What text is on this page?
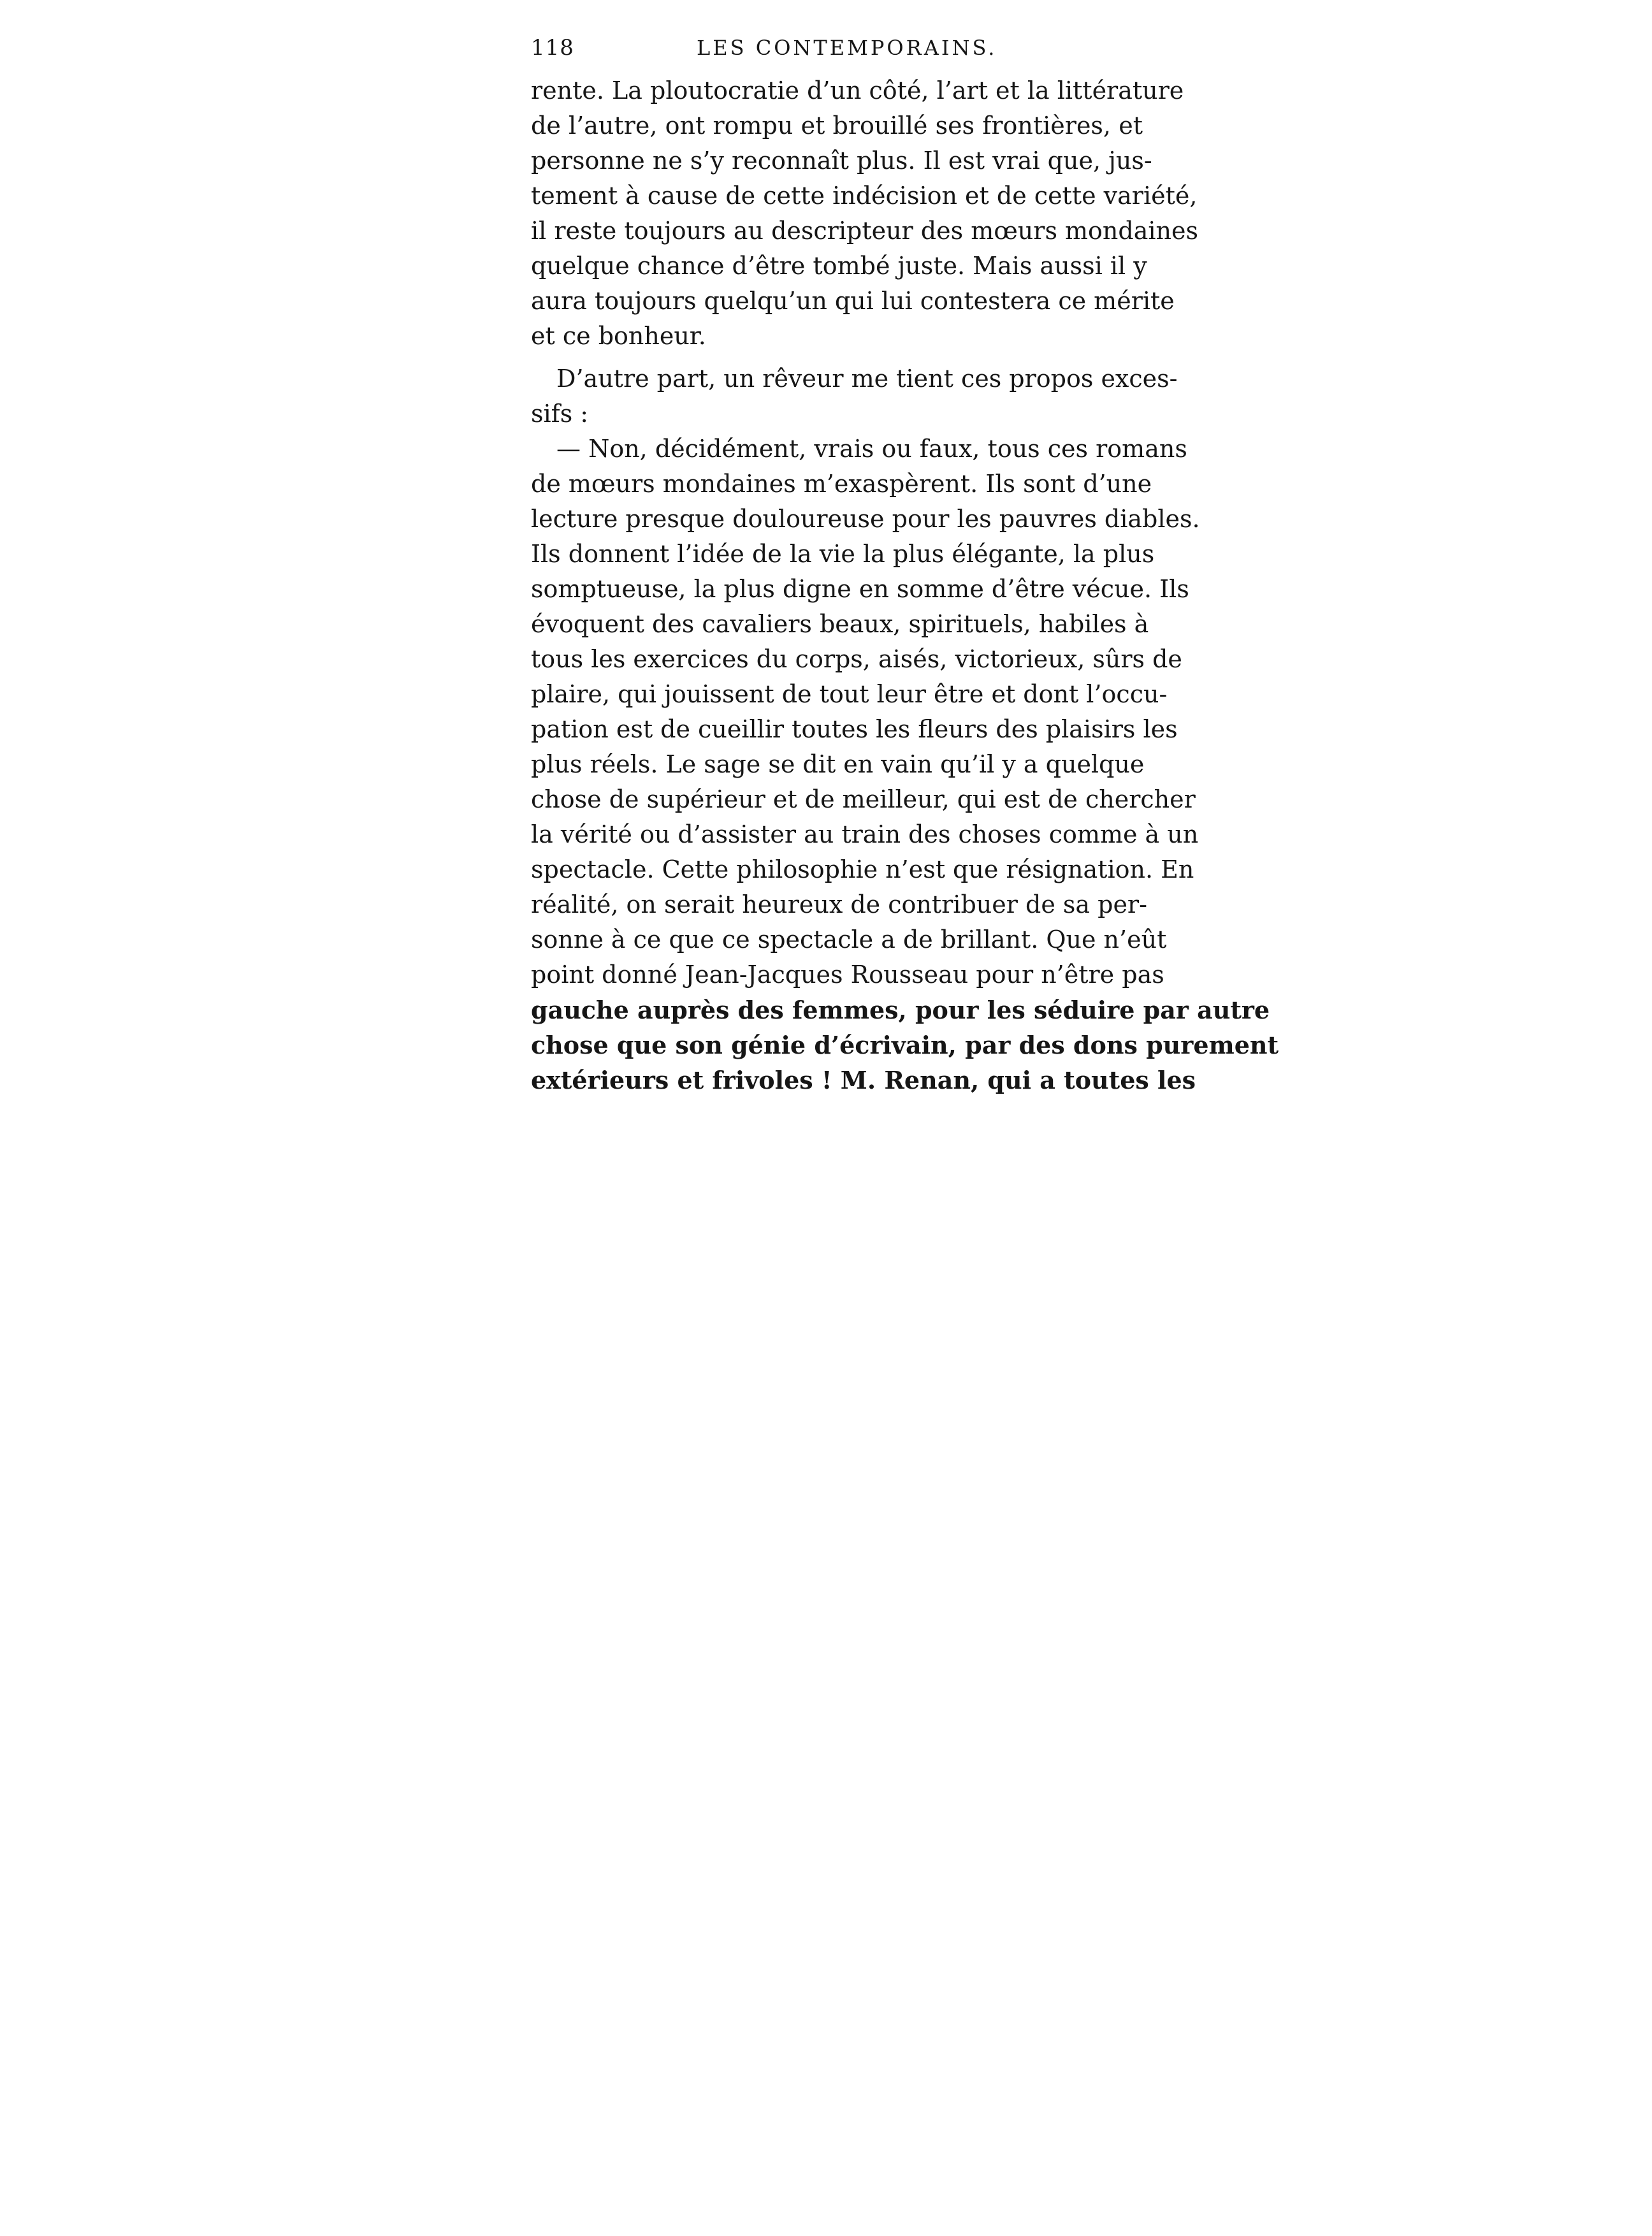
118	LES CONTEMPORAINS.
rente. La ploutocratie d’un côté, l’art et la littérature
de l’autre, ont rompu et brouillé ses frontières, et
personne ne s’y reconnaît plus. Il est vrai que, jus-
tement à cause de cette indécision et de cette variété,
il reste toujours au descripteur des mœurs mondaines
quelque chance d’être tombé juste. Mais aussi il y
aura toujours quelqu’un qui lui contestera ce mérite
et ce bonheur.
D’autre part, un rêveur me tient ces propos exces-
sifs :
— Non, décidément, vrais ou faux, tous ces romans
de mœurs mondaines m’exaspèrent. Ils sont d’une
lecture presque douloureuse pour les pauvres diables.
Ils donnent l’idée de la vie la plus élégante, la plus
somptueuse, la plus digne en somme d’être vécue. Ils
évoquent des cavaliers beaux, spirituels, habiles à
tous les exercices du corps, aisés, victorieux, sûrs de
plaire, qui jouissent de tout leur être et dont l’occu-
pation est de cueillir toutes les fleurs des plaisirs les
plus réels. Le sage se dit en vain qu’il y a quelque
chose de supérieur et de meilleur, qui est de chercher
la vérité ou d’assister au train des choses comme à un
spectacle. Cette philosophie n’est que résignation. En
réalité, on serait heureux de contribuer de sa per-
sonne à ce que ce spectacle a de brillant. Que n’eût
point donné Jean-Jacques Rousseau pour n’être pas
gauche auprès des femmes, pour les séduire par autre
chose que son génie d’écrivain, par des dons purement
extérieurs et frivoles ! M. Renan, qui a toutes les
